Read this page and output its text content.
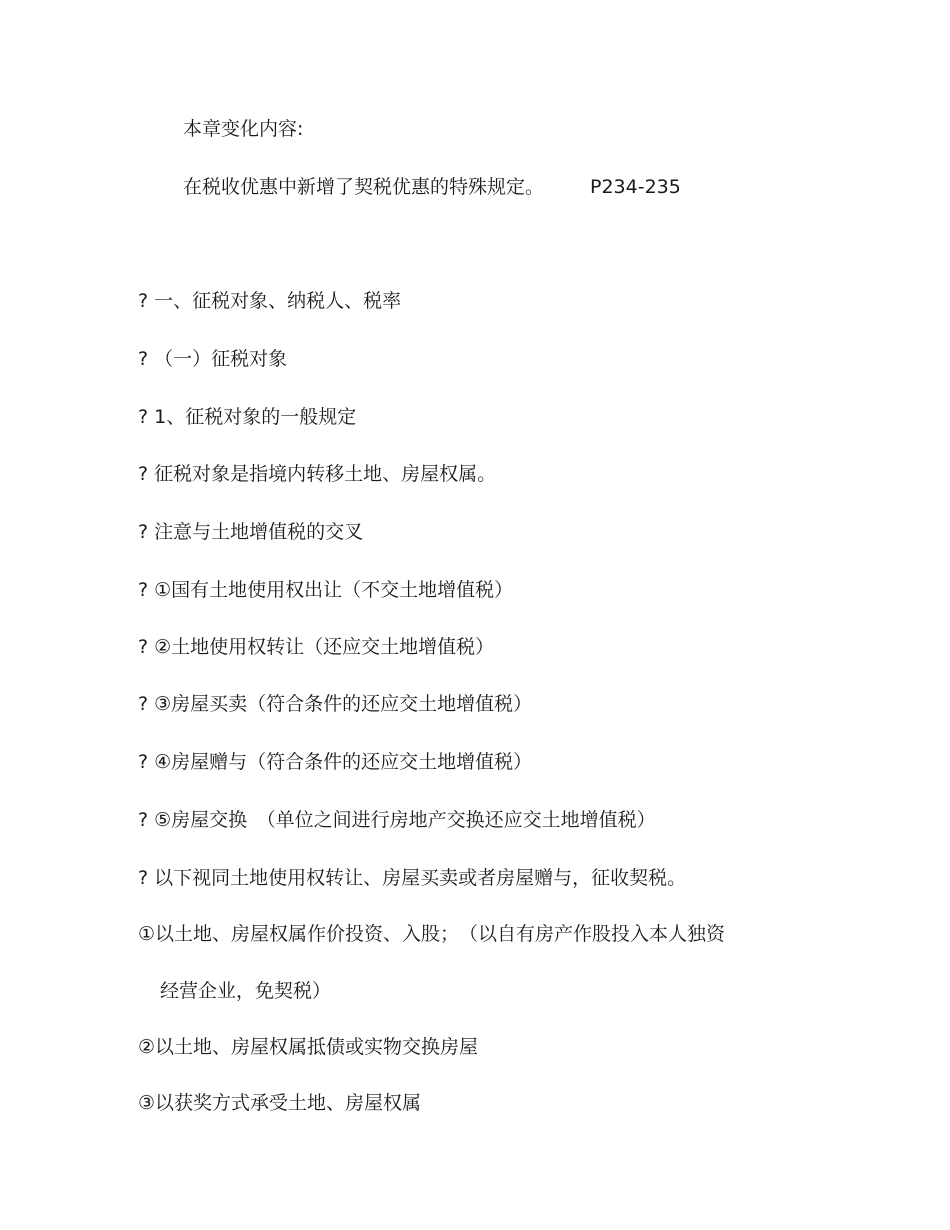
本章变化内容:
在税收优惠中新增了契税优惠的特殊规定。 P234-235
? 一、征税对象、纳税人、税率
? （一）征税对象
? 1、征税对象的一般规定
? 征税对象是指境内转移土地、房屋权属。
? 注意与土地增值税的交叉
? ①国有土地使用权出让（不交土地增值税）
? ②土地使用权转让（还应交土地增值税）
? ③房屋买卖（符合条件的还应交土地增值税）
? ④房屋赠与（符合条件的还应交土地增值税）
? ⑤房屋交换　（单位之间进行房地产交换还应交土地增值税）
? 以下视同土地使用权转让、房屋买卖或者房屋赠与，征收契税。
①以土地、房屋权属作价投资、入股；　（以自有房产作股投入本人独资
经营企业，免契税）
②以土地、房屋权属抵债或实物交换房屋
③以获奖方式承受土地、房屋权属
